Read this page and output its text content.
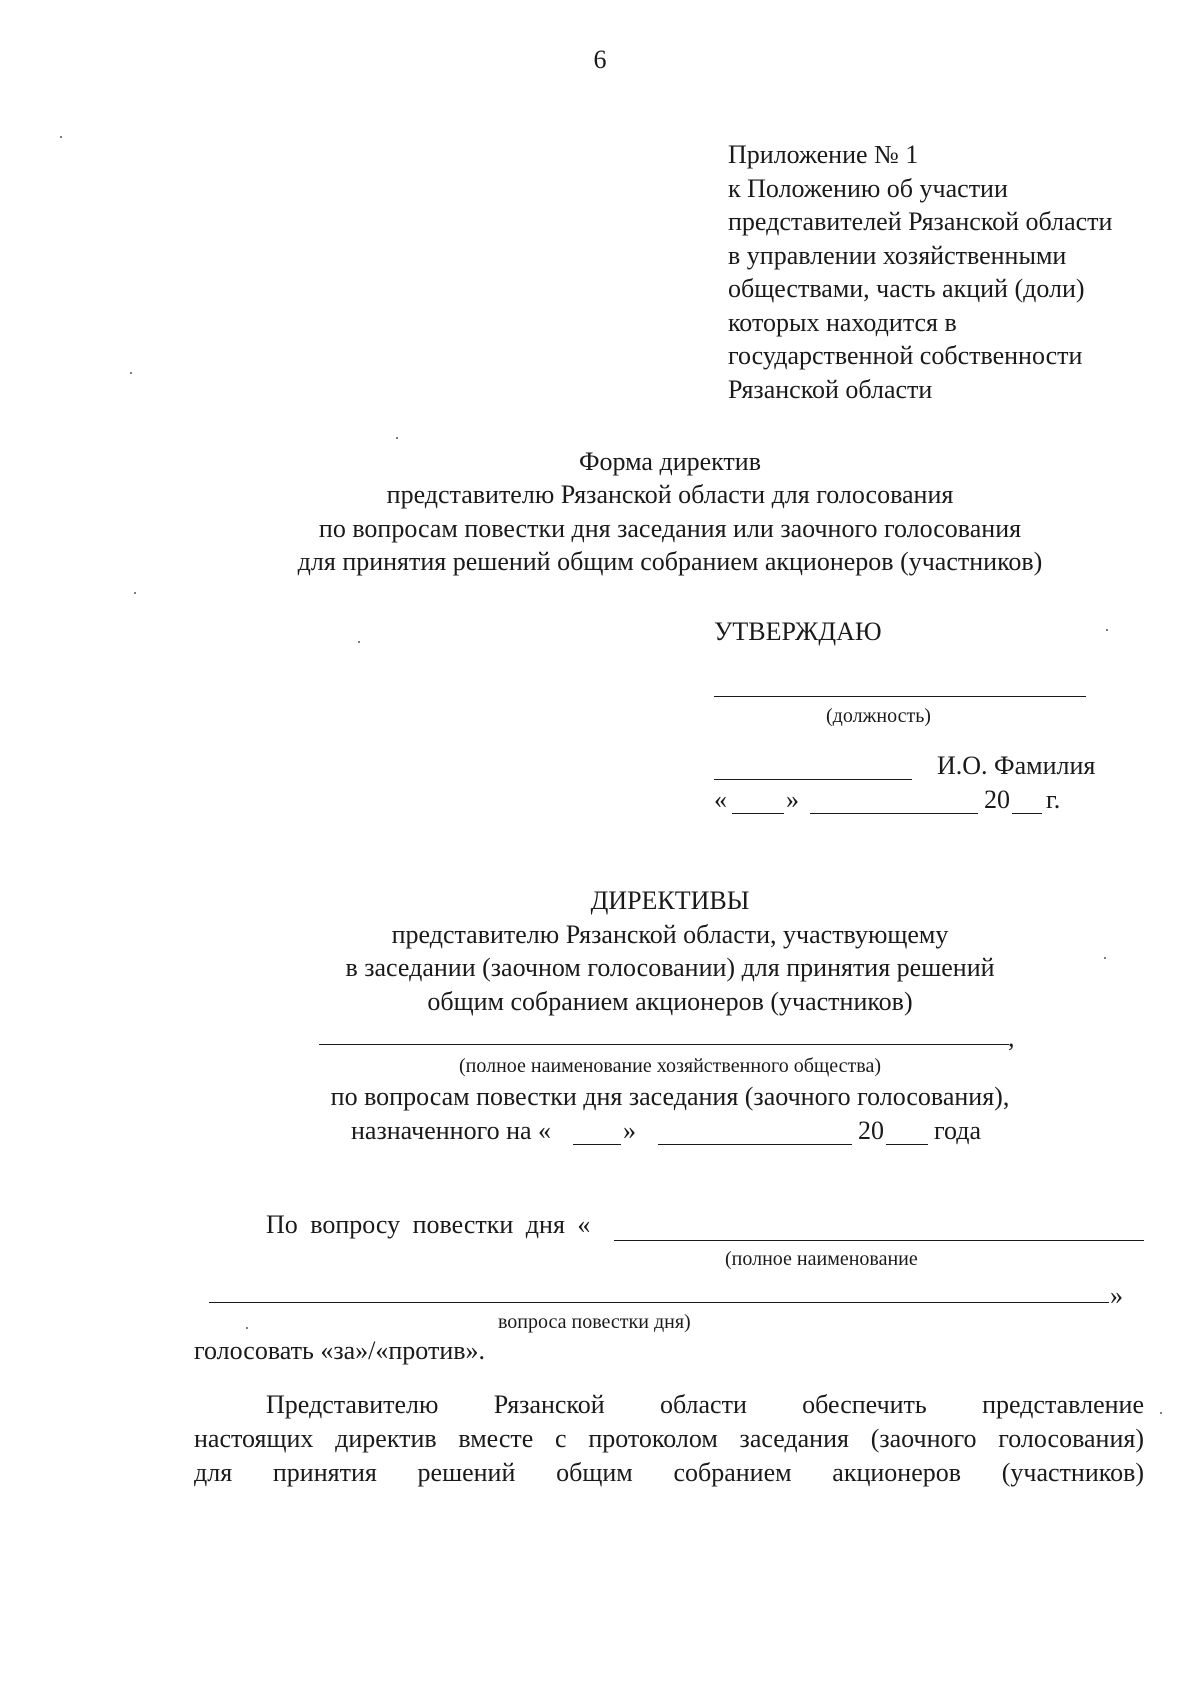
6
Приложение № 1
к Положению об участии
представителей Рязанской области
в управлении хозяйственными
обществами, часть акций (доли)
которых находится в
государственной собственности
Рязанской области
Форма директив
представителю Рязанской области для голосования
по вопросам повестки дня заседания или заочного голосования
для принятия решений общим собранием акционеров (участников)
УТВЕРЖДАЮ
(должность)
И.О. Фамилия
« »	20 г.
ДИРЕКТИВЫ
представителю Рязанской области, участвующему
в заседании (заочном голосовании) для принятия решений
общим собранием акционеров (участников)
,
(полное наименование хозяйственного общества)
по вопросам повестки дня заседания (заочного голосования),
назначенного на «	»	20 года
По вопросу повестки дня «
(полное наименование
»
вопроса повестки дня)
голосовать «за»/«против».
Представителю Рязанской области обеспечить представление
настоящих директив вместе с протоколом заседания (заочного голосования)
для принятия решений общим собранием акционеров (участников)
